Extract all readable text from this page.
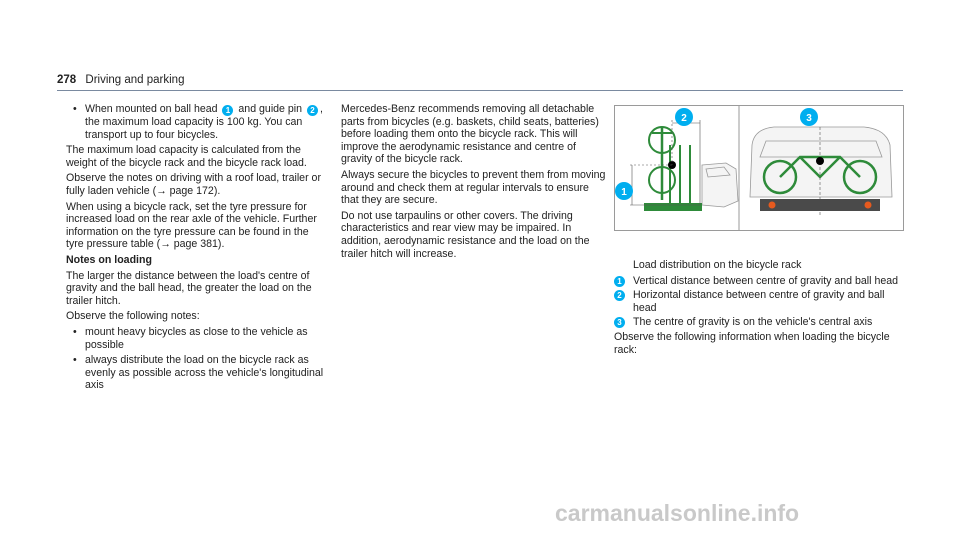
278 Driving and parking
• When mounted on ball head 1 and guide pin 2 , the maximum load capacity is 100 kg. You can transport up to four bicycles.

The maximum load capacity is calculated from the weight of the bicycle rack and the bicycle rack load.

Observe the notes on driving with a roof load, trailer or fully laden vehicle (→ page 172).

When using a bicycle rack, set the tyre pressure for increased load on the rear axle of the vehicle. Further information on the tyre pressure can be found in the tyre pressure table (→ page 381).

Notes on loading

The larger the distance between the load's centre of gravity and the ball head, the greater the load on the trailer hitch.

Observe the following notes:

• mount heavy bicycles as close to the vehicle as possible
• always distribute the load on the bicycle rack as evenly as possible across the vehicle's longitudinal axis

Mercedes-Benz recommends removing all detachable parts from bicycles (e.g. baskets, child seats, batteries) before loading them onto the bicycle rack. This will improve the aerodynamic resistance and centre of gravity of the bicycle rack.

Always secure the bicycles to prevent them from moving around and check them at regular intervals to ensure that they are secure.

Do not use tarpaulins or other covers. The driving characteristics and rear view may be impaired. In addition, aerodynamic resistance and the load on the trailer hitch will increase.

1
2	3

Load distribution on the bicycle rack

1	Vertical distance between centre of gravity and ball head
2	Horizontal distance between centre of gravity and ball head
3	The centre of gravity is on the vehicle's central axis

Observe the following information when loading the bicycle rack:

carmanualsonline.info
